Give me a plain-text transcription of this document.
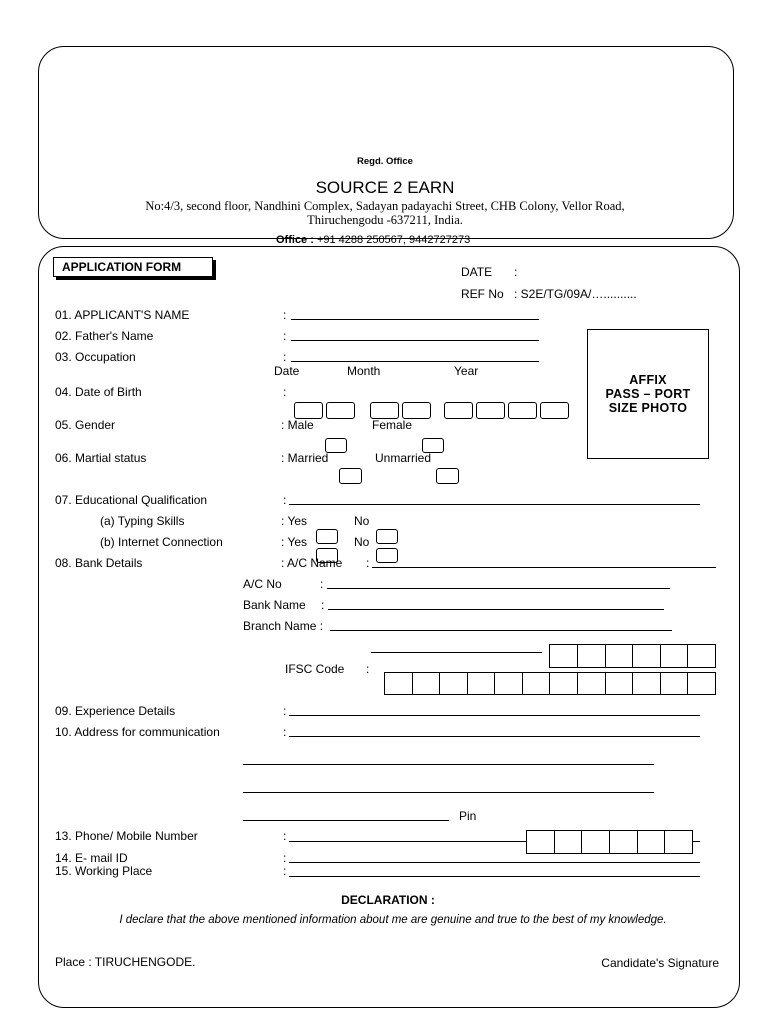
Regd. Office
SOURCE 2 EARN
No:4/3, second floor, Nandhini Complex, Sadayan padayachi Street, CHB Colony, Vellor Road,
Thiruchengodu -637211, India.
Office : +91 4288 250567, 9442727273
APPLICATION FORM	DATE :
REF No : S2E/TG/09A/…..........
AFFIX
PASS – PORT
SIZE PHOTO
01. APPLICANT'S NAME	:
02. Father's Name	:
03. Occupation	:
Date	Month	Year
04. Date of Birth	:
05. Gender	: Male	Female
06. Martial status	: Married	Unmarried
07. Educational Qualification	:
(a) Typing Skills	: Yes	No
(b) Internet Connection	: Yes	No
08. Bank Details	: A/C Name :
A/C No	:
Bank Name :
Branch Name :
IFSC Code :
09. Experience Details	:
10. Address for communication	:
Pin
13. Phone/ Mobile Number	:
14. E- mail ID	:
15. Working Place	:
DECLARATION :
I declare that the above mentioned information about me are genuine and true to the best of my knowledge.
Place : TIRUCHENGODE.	Candidate's Signature
